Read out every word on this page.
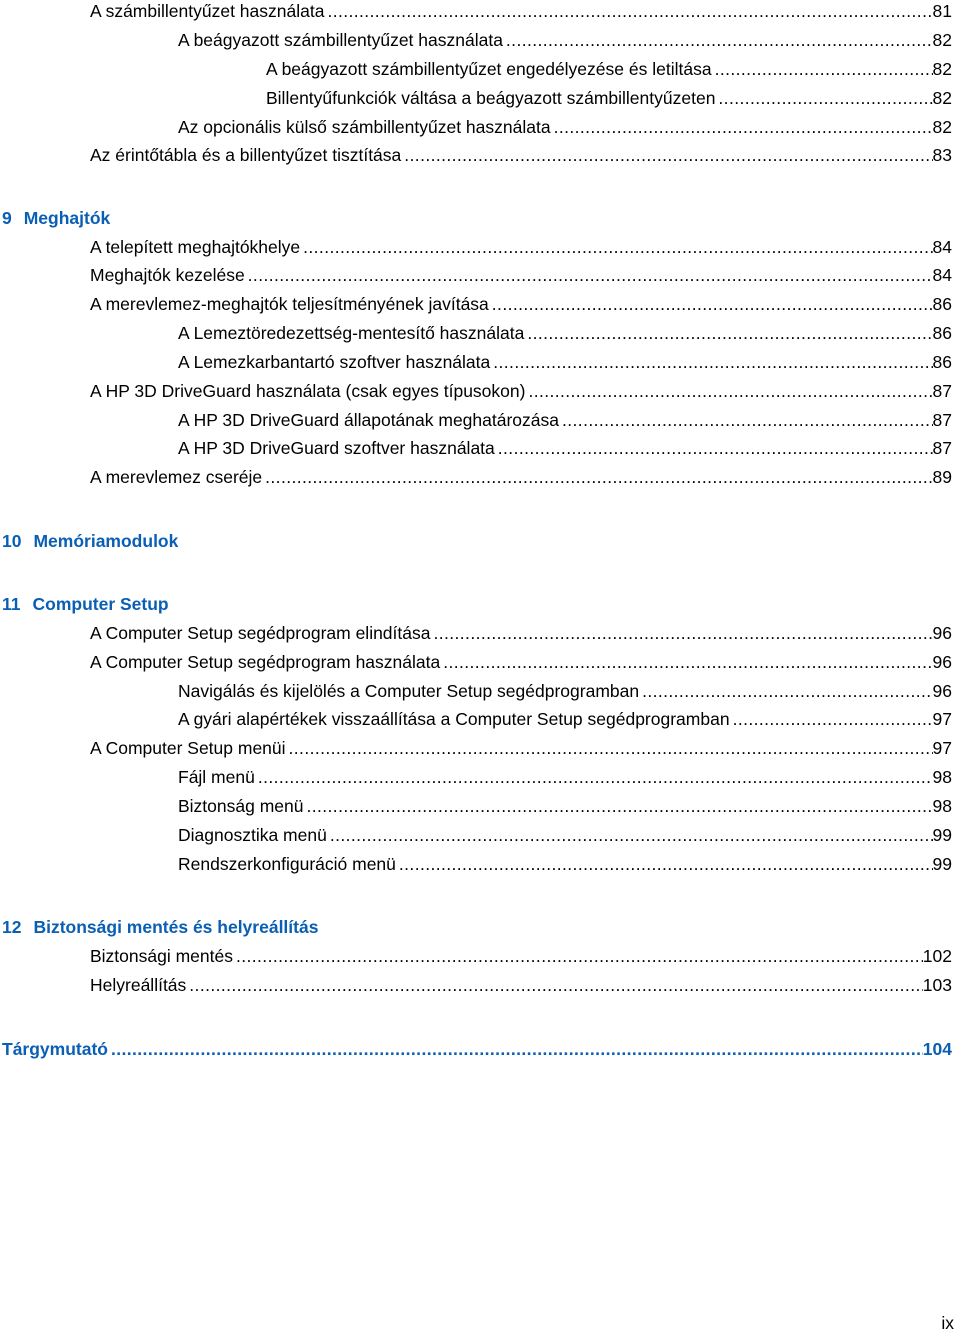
A számbillentyűzet használata .....	81
A beágyazott számbillentyűzet használata .....	82
A beágyazott számbillentyűzet engedélyezése és letiltása .....	82
Billentyűfunkciók váltása a beágyazott számbillentyűzeten .....	82
Az opcionális külső számbillentyűzet használata .....	82
Az érintőtábla és a billentyűzet tisztítása .....	83
9 Meghajtók
A telepített meghajtókhelye .....	84
Meghajtók kezelése .....	84
A merevlemez-meghajtók teljesítményének javítása .....	86
A Lemeztöredezettség-mentesítő használata .....	86
A Lemezkarbantartó szoftver használata .....	86
A HP 3D DriveGuard használata (csak egyes típusokon) .....	87
A HP 3D DriveGuard állapotának meghatározása .....	87
A HP 3D DriveGuard szoftver használata .....	87
A merevlemez cseréje .....	89
10 Memóriamodulok
11 Computer Setup
A Computer Setup segédprogram elindítása .....	96
A Computer Setup segédprogram használata .....	96
Navigálás és kijelölés a Computer Setup segédprogramban .....	96
A gyári alapértékek visszaállítása a Computer Setup segédprogramban .....	97
A Computer Setup menüi .....	97
Fájl menü .....	98
Biztonság menü .....	98
Diagnosztika menü .....	99
Rendszerkonfiguráció menü .....	99
12 Biztonsági mentés és helyreállítás
Biztonsági mentés .....	102
Helyreállítás .....	103
Tárgymutató .....	104
ix
